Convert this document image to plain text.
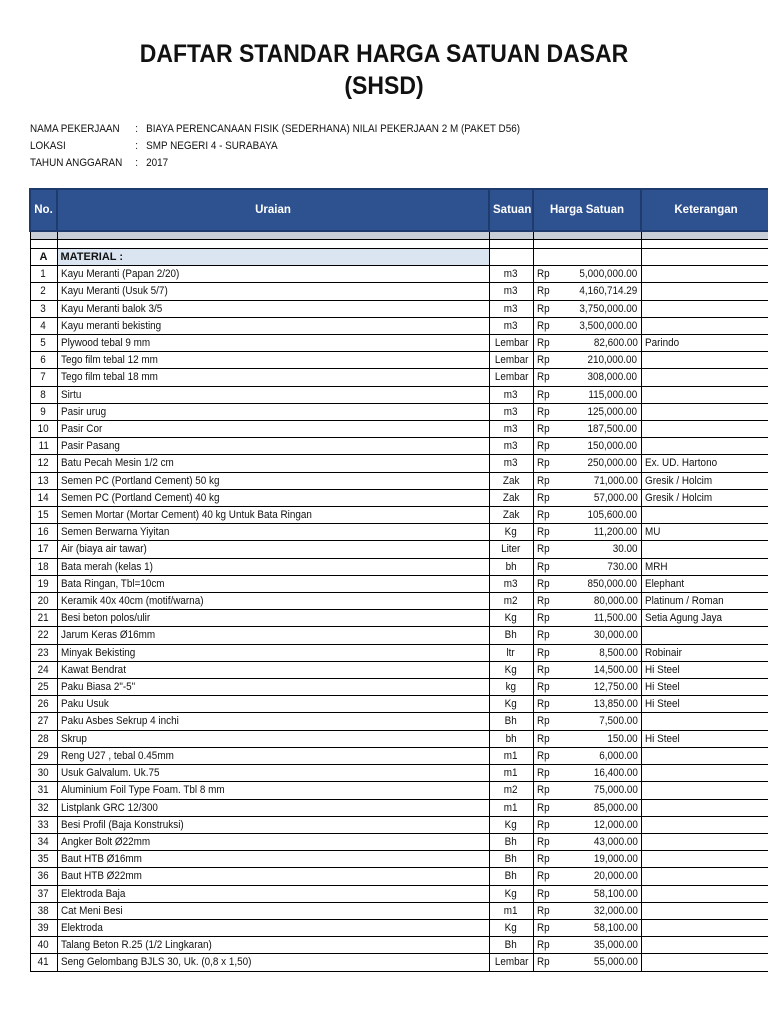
DAFTAR STANDAR HARGA SATUAN DASAR
(SHSD)
NAMA PEKERJAAN : BIAYA PERENCANAAN FISIK (SEDERHANA) NILAI PEKERJAAN 2 M (PAKET D56)
LOKASI	: SMP NEGERI 4 - SURABAYA
TAHUN ANGGARAN : 2017
No.	Uraian	Satuan	Harga Satuan		Keterangan

A	MATERIAL :				
1	Kayu Meranti (Papan 2/20)	m3	Rp	5,000,000.00	
2	Kayu Meranti (Usuk 5/7)	m3	Rp	4,160,714.29	
3	Kayu Meranti balok 3/5	m3	Rp	3,750,000.00	
4	Kayu meranti bekisting	m3	Rp	3,500,000.00	
5	Plywood tebal 9 mm	Lembar	Rp	82,600.00	Parindo
6	Tego film tebal 12 mm	Lembar	Rp	210,000.00	
7	Tego film tebal 18 mm	Lembar	Rp	308,000.00	
8	Sirtu	m3	Rp	115,000.00	
9	Pasir urug	m3	Rp	125,000.00	
10	Pasir Cor	m3	Rp	187,500.00	
11	Pasir Pasang	m3	Rp	150,000.00	
12	Batu Pecah Mesin 1/2 cm	m3	Rp	250,000.00	Ex. UD. Hartono
13	Semen PC (Portland Cement) 50 kg	Zak	Rp	71,000.00	Gresik / Holcim
14	Semen PC (Portland Cement) 40 kg	Zak	Rp	57,000.00	Gresik / Holcim
15	Semen Mortar (Mortar Cement) 40 kg Untuk Bata Ringan	Zak	Rp	105,600.00	
16	Semen Berwarna Yiyitan	Kg	Rp	11,200.00	MU
17	Air (biaya air tawar)	Liter	Rp	30.00	
18	Bata merah (kelas 1)	bh	Rp	730.00	MRH
19	Bata Ringan, Tbl=10cm	m3	Rp	850,000.00	Elephant
20	Keramik 40x 40cm (motif/warna)	m2	Rp	80,000.00	Platinum / Roman
21	Besi beton polos/ulir	Kg	Rp	11,500.00	Setia Agung Jaya
22	Jarum Keras Ø16mm	Bh	Rp	30,000.00	
23	Minyak Bekisting	ltr	Rp	8,500.00	Robinair
24	Kawat Bendrat	Kg	Rp	14,500.00	Hi Steel
25	Paku Biasa 2"-5"	kg	Rp	12,750.00	Hi Steel
26	Paku Usuk	Kg	Rp	13,850.00	Hi Steel
27	Paku Asbes Sekrup 4 inchi	Bh	Rp	7,500.00	
28	Skrup	bh	Rp	150.00	Hi Steel
29	Reng U27 , tebal 0.45mm	m1	Rp	6,000.00	
30	Usuk Galvalum. Uk.75	m1	Rp	16,400.00	
31	Aluminium Foil Type Foam. Tbl 8 mm	m2	Rp	75,000.00	
32	Listplank GRC 12/300	m1	Rp	85,000.00	
33	Besi Profil (Baja Konstruksi)	Kg	Rp	12,000.00	
34	Angker Bolt Ø22mm	Bh	Rp	43,000.00	
35	Baut HTB Ø16mm	Bh	Rp	19,000.00	
36	Baut HTB Ø22mm	Bh	Rp	20,000.00	
37	Elektroda Baja	Kg	Rp	58,100.00	
38	Cat Meni Besi	m1	Rp	32,000.00	
39	Elektroda	Kg	Rp	58,100.00	
40	Talang Beton R.25 (1/2 Lingkaran)	Bh	Rp	35,000.00	
41	Seng Gelombang BJLS 30, Uk. (0,8 x 1,50)	Lembar	Rp	55,000.00	
